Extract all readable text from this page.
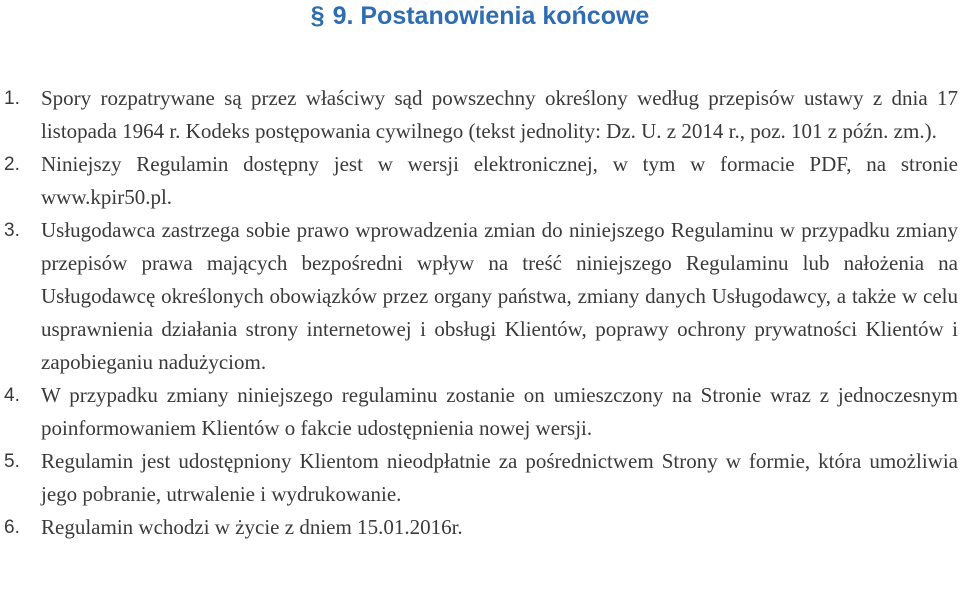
§ 9. Postanowienia końcowe
1. Spory rozpatrywane są przez właściwy sąd powszechny określony według przepisów ustawy z dnia 17 listopada 1964 r. Kodeks postępowania cywilnego (tekst jednolity: Dz. U. z 2014 r., poz. 101 z późn. zm.).
2. Niniejszy Regulamin dostępny jest w wersji elektronicznej, w tym w formacie PDF, na stronie www.kpir50.pl.
3. Usługodawca zastrzega sobie prawo wprowadzenia zmian do niniejszego Regulaminu w przypadku zmiany przepisów prawa mających bezpośredni wpływ na treść niniejszego Regulaminu lub nałożenia na Usługodawcę określonych obowiązków przez organy państwa, zmiany danych Usługodawcy, a także w celu usprawnienia działania strony internetowej i obsługi Klientów, poprawy ochrony prywatności Klientów i zapobieganiu nadużyciom.
4. W przypadku zmiany niniejszego regulaminu zostanie on umieszczony na Stronie wraz z jednoczesnym poinformowaniem Klientów o fakcie udostępnienia nowej wersji.
5. Regulamin jest udostępniony Klientom nieodpłatnie za pośrednictwem Strony w formie, która umożliwia jego pobranie, utrwalenie i wydrukowanie.
6. Regulamin wchodzi w życie z dniem 15.01.2016r.
